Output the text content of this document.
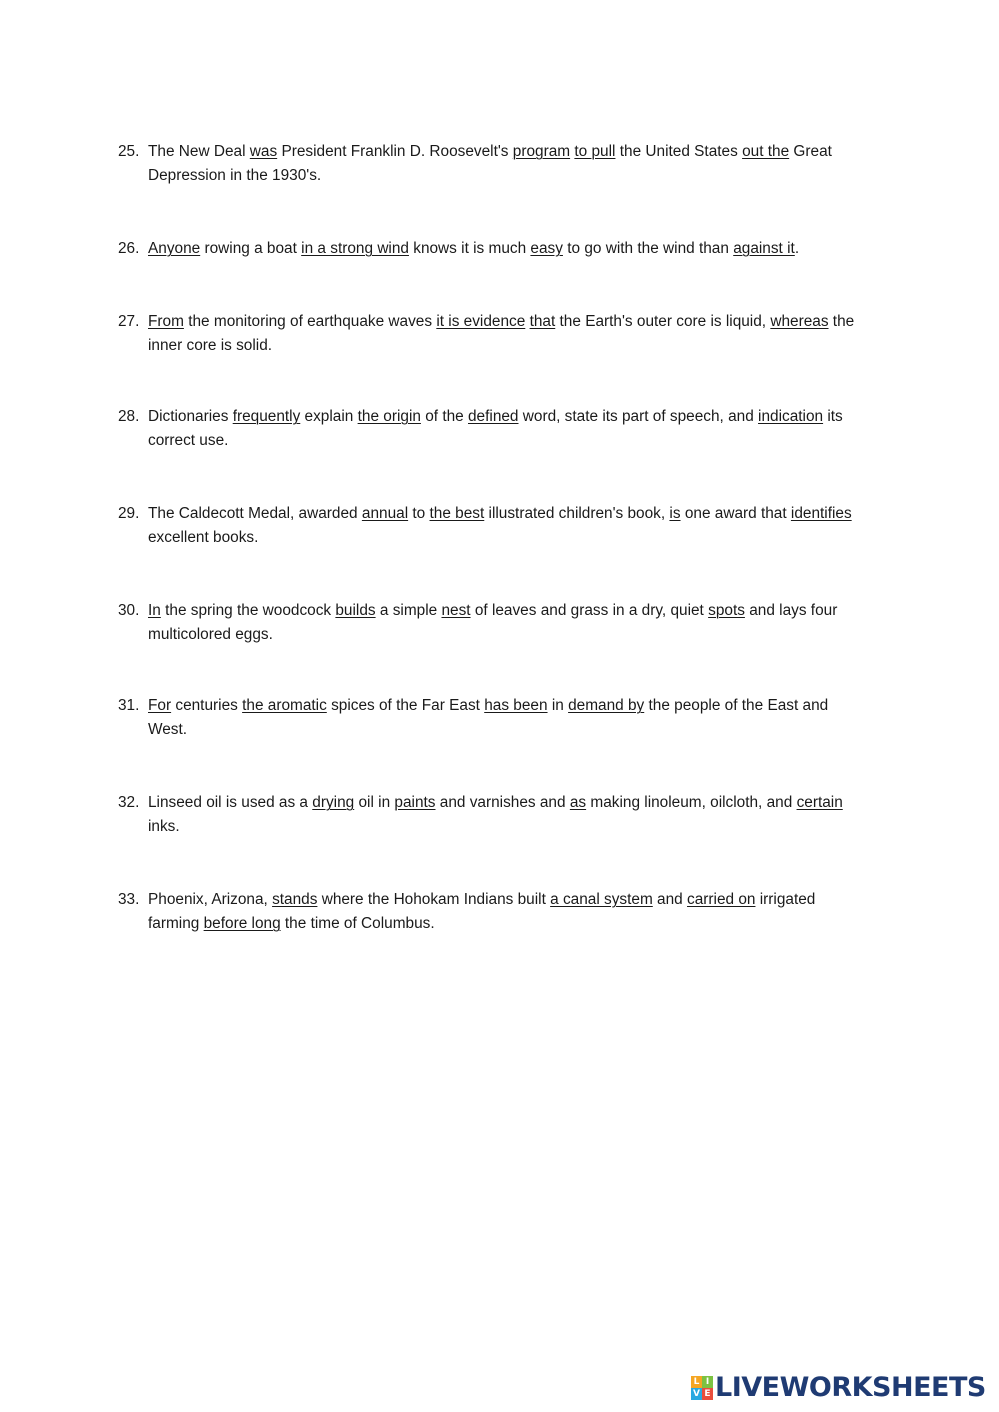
25. The New Deal was President Franklin D. Roosevelt's program to pull the United States out the Great Depression in the 1930's.
26. Anyone rowing a boat in a strong wind knows it is much easy to go with the wind than against it.
27. From the monitoring of earthquake waves it is evidence that the Earth's outer core is liquid, whereas the inner core is solid.
28. Dictionaries frequently explain the origin of the defined word, state its part of speech, and indication its correct use.
29. The Caldecott Medal, awarded annual to the best illustrated children's book, is one award that identifies excellent books.
30. In the spring the woodcock builds a simple nest of leaves and grass in a dry, quiet spots and lays four multicolored eggs.
31. For centuries the aromatic spices of the Far East has been in demand by the people of the East and West.
32. Linseed oil is used as a drying oil in paints and varnishes and as making linoleum, oilcloth, and certain inks.
33. Phoenix, Arizona, stands where the Hohokam Indians built a canal system and carried on irrigated farming before long the time of Columbus.
L I
V E LIVEWORKSHEETS
